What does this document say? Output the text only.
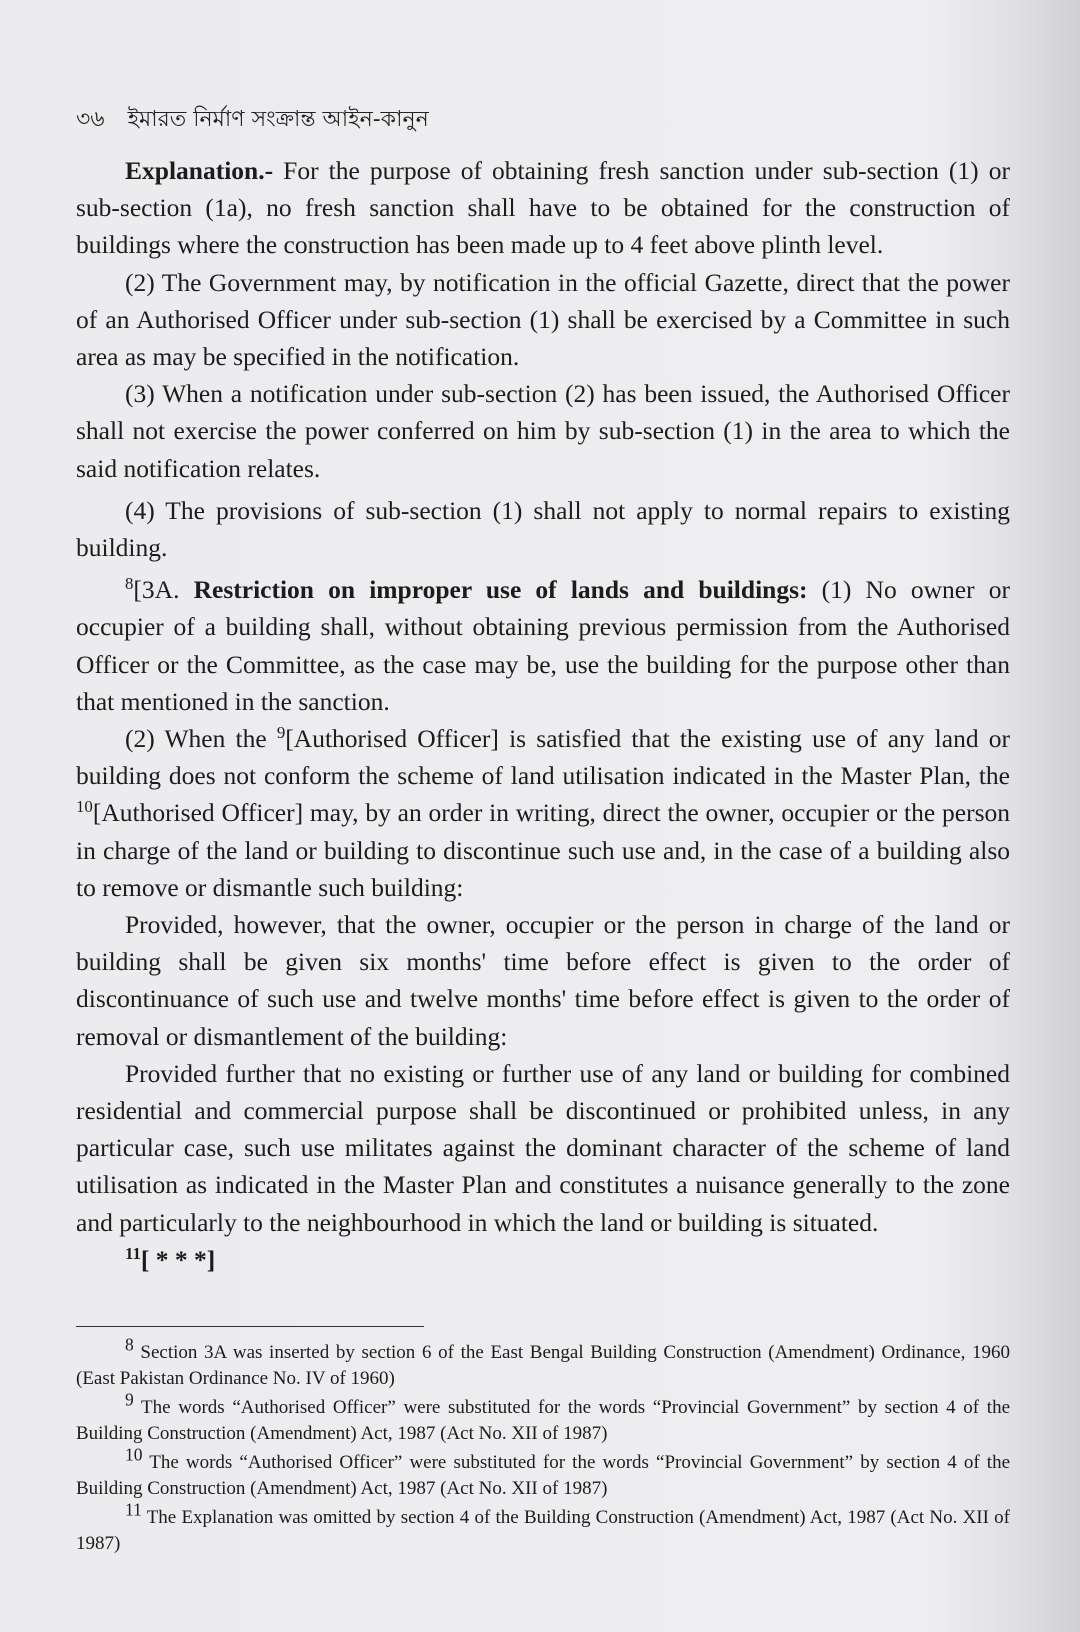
৩৬ ইমারত নির্মাণ সংক্রান্ত আইন-কানুন

Explanation.- For the purpose of obtaining fresh sanction under sub-section (1) or sub-section (1a), no fresh sanction shall have to be obtained for the construction of buildings where the construction has been made up to 4 feet above plinth level.

(2) The Government may, by notification in the official Gazette, direct that the power of an Authorised Officer under sub-section (1) shall be exercised by a Committee in such area as may be specified in the notification.

(3) When a notification under sub-section (2) has been issued, the Authorised Officer shall not exercise the power conferred on him by sub-section (1) in the area to which the said notification relates.

(4) The provisions of sub-section (1) shall not apply to normal repairs to existing building.

$^8$[3A. Restriction on improper use of lands and buildings: (1) No owner or occupier of a building shall, without obtaining previous permission from the Authorised Officer or the Committee, as the case may be, use the building for the purpose other than that mentioned in the sanction.

(2) When the $^9$[Authorised Officer] is satisfied that the existing use of any land or building does not conform the scheme of land utilisation indicated in the Master Plan, the $^{10}$[Authorised Officer] may, by an order in writing, direct the owner, occupier or the person in charge of the land or building to discontinue such use and, in the case of a building also to remove or dismantle such building:

Provided, however, that the owner, occupier or the person in charge of the land or building shall be given six months' time before effect is given to the order of discontinuance of such use and twelve months' time before effect is given to the order of removal or dismantlement of the building:

Provided further that no existing or further use of any land or building for combined residential and commercial purpose shall be discontinued or prohibited unless, in any particular case, such use militates against the dominant character of the scheme of land utilisation as indicated in the Master Plan and constitutes a nuisance generally to the zone and particularly to the neighbourhood in which the land or building is situated.

$^{11}$[ * * *]

$^8$ Section 3A was inserted by section 6 of the East Bengal Building Construction (Amendment) Ordinance, 1960 (East Pakistan Ordinance No. IV of 1960)

$^9$ The words “Authorised Officer” were substituted for the words “Provincial Government” by section 4 of the Building Construction (Amendment) Act, 1987 (Act No. XII of 1987)

$^{10}$ The words “Authorised Officer” were substituted for the words “Provincial Government” by section 4 of the Building Construction (Amendment) Act, 1987 (Act No. XII of 1987)

$^{11}$ The Explanation was omitted by section 4 of the Building Construction (Amendment) Act, 1987 (Act No. XII of 1987)
